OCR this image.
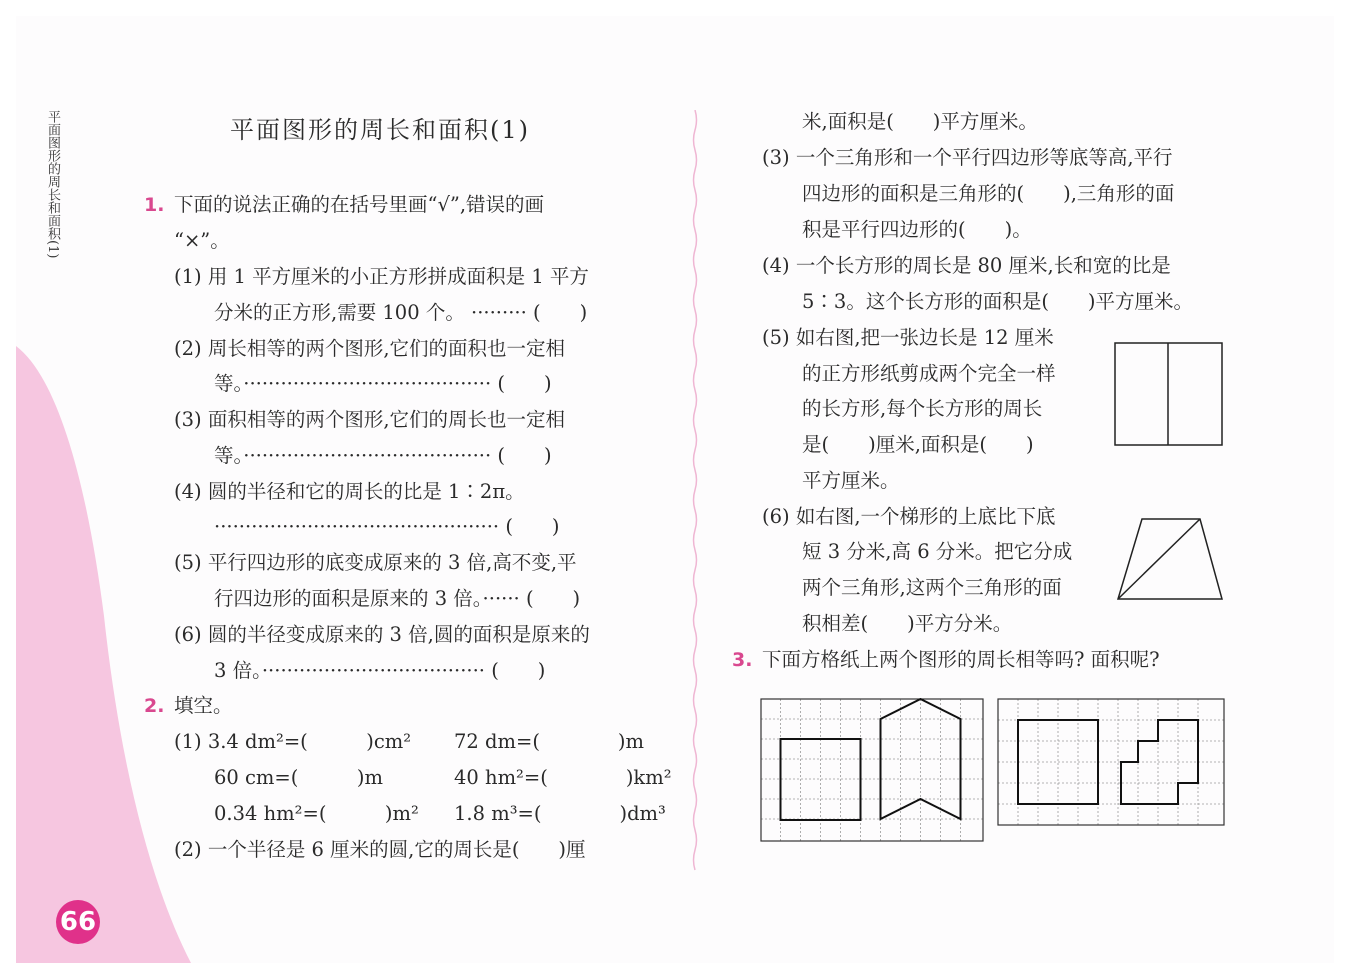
平面图形的周长和面积(1)
66
平面图形的周长和面积(1)
1. 下面的说法正确的在括号里画“√”,错误的画
“×”。
(1) 用 1 平方厘米的小正方形拼成面积是 1 平方
分米的正方形,需要 100 个。 ········· (　　)
(2) 周长相等的两个图形,它们的面积也一定相
等。········································ (　　)
(3) 面积相等的两个图形,它们的周长也一定相
等。········································ (　　)
(4) 圆的半径和它的周长的比是 1∶2π。
·············································· (　　)
(5) 平行四边形的底变成原来的 3 倍,高不变,平
行四边形的面积是原来的 3 倍。······ (　　)
(6) 圆的半径变成原来的 3 倍,圆的面积是原来的
3 倍。···································· (　　)
2. 填空。
(1) 3.4 dm²=(　　　)cm² 72 dm=(　　　　)m
60 cm=(　　　)m	40 hm²=(　　　　)km²
0.34 hm²=(　　　)m² 1.8 m³=(　　　　)dm³
(2) 一个半径是 6 厘米的圆,它的周长是(　　)厘
米,面积是(　　)平方厘米。
(3) 一个三角形和一个平行四边形等底等高,平行
四边形的面积是三角形的(　　),三角形的面
积是平行四边形的(　　)。
(4) 一个长方形的周长是 80 厘米,长和宽的比是
5∶3。这个长方形的面积是(　　)平方厘米。
(5) 如右图,把一张边长是 12 厘米
的正方形纸剪成两个完全一样
的长方形,每个长方形的周长
是(　　)厘米,面积是(　　)
平方厘米。
(6) 如右图,一个梯形的上底比下底
短 3 分米,高 6 分米。把它分成
两个三角形,这两个三角形的面
积相差(　　)平方分米。
3. 下面方格纸上两个图形的周长相等吗? 面积呢?
